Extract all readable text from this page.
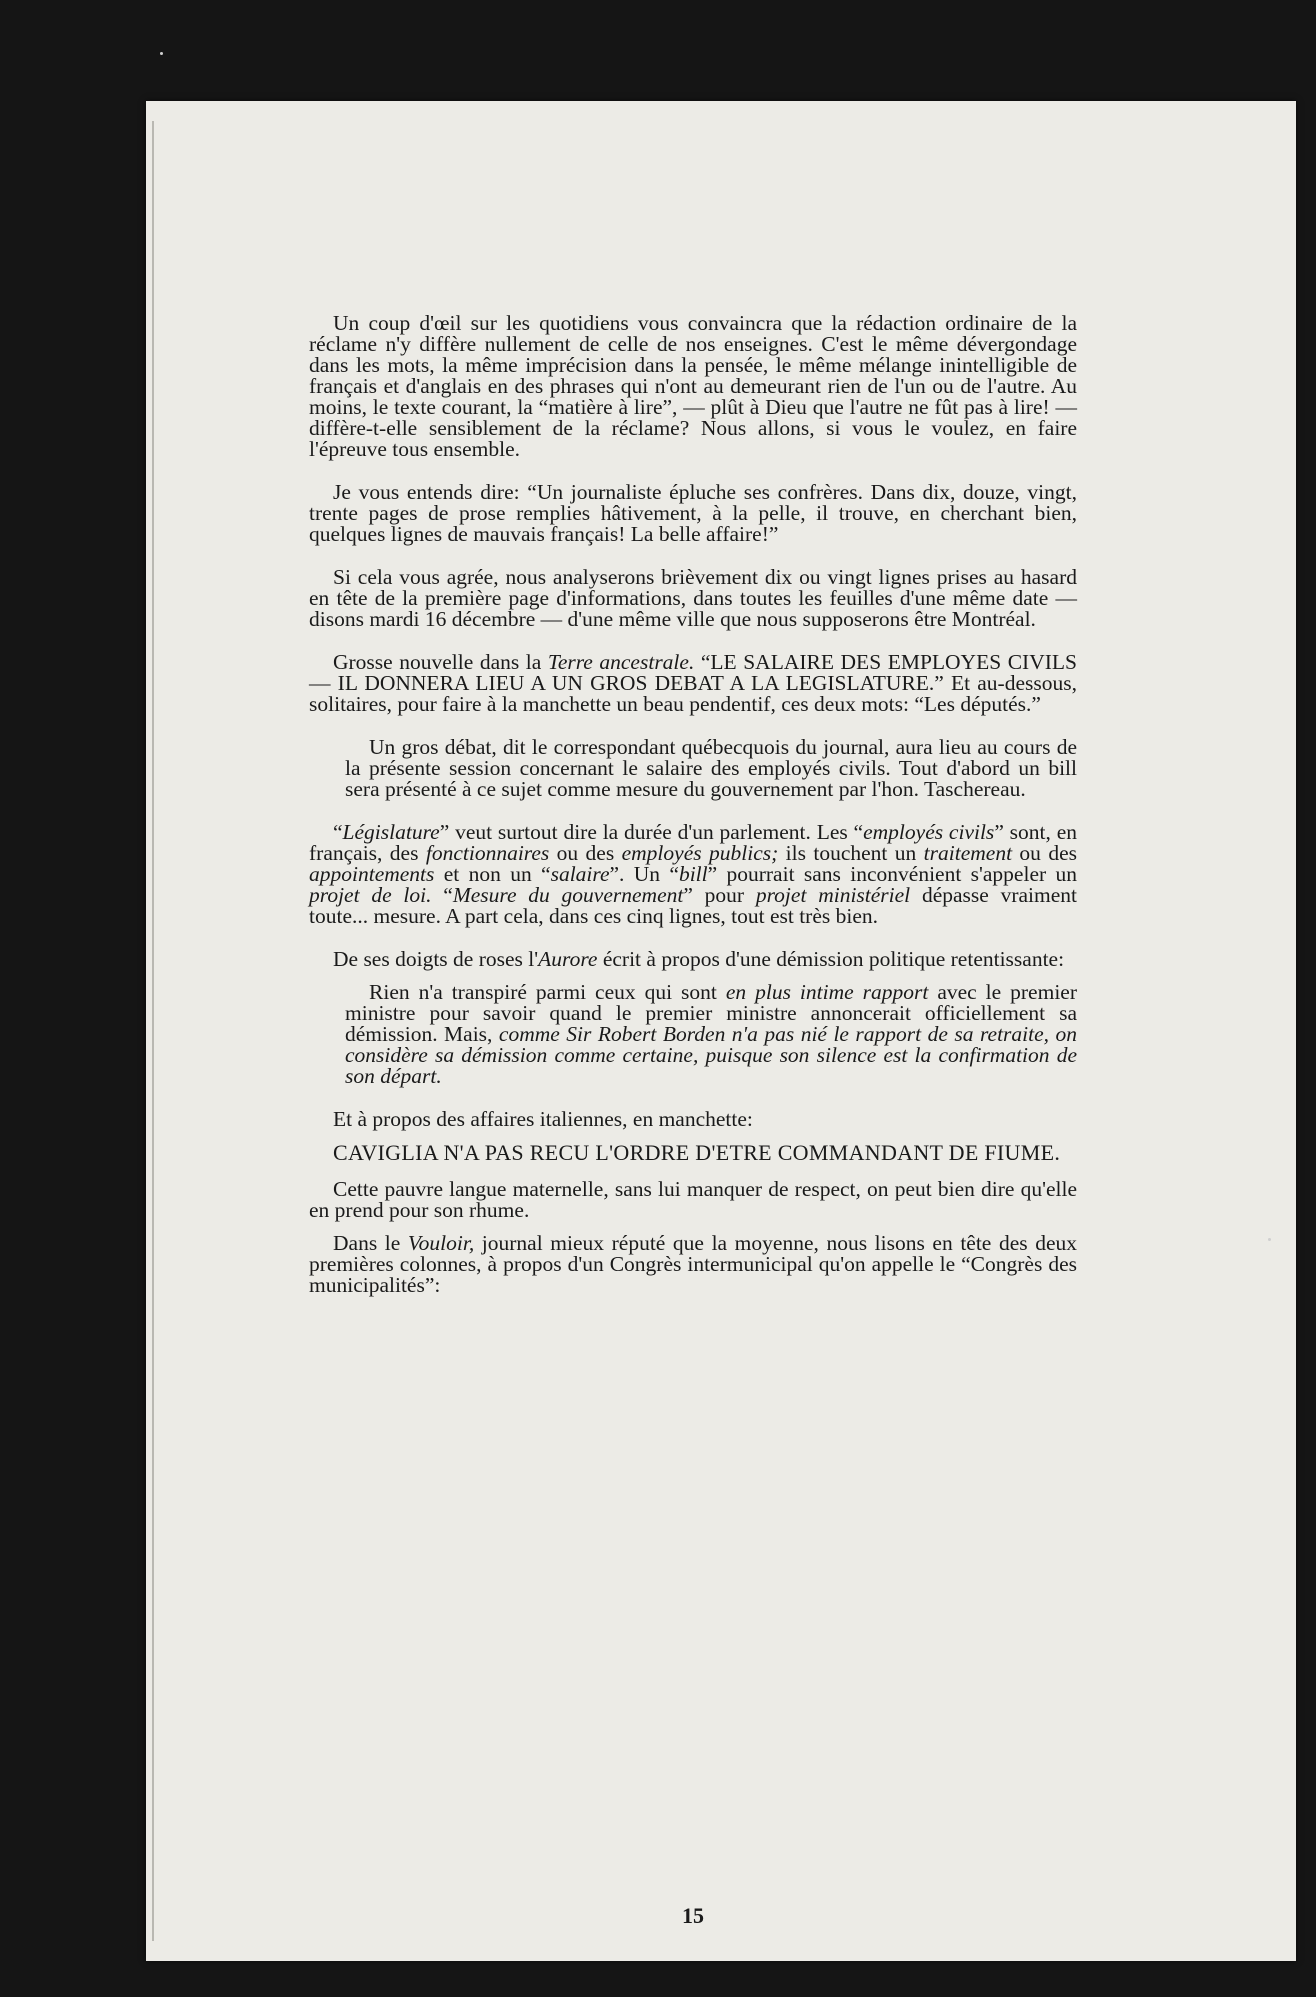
Un coup d'œil sur les quotidiens vous convaincra que la rédaction ordinaire de la réclame n'y diffère nullement de celle de nos enseignes. C'est le même dévergondage dans les mots, la même imprécision dans la pensée, le même mélange inintelligible de français et d'anglais en des phrases qui n'ont au demeurant rien de l'un ou de l'autre. Au moins, le texte courant, la “matière à lire”, — plût à Dieu que l'autre ne fût pas à lire! — diffère-t-elle sensiblement de la réclame? Nous allons, si vous le voulez, en faire l'épreuve tous ensemble.

Je vous entends dire: “Un journaliste épluche ses confrères. Dans dix, douze, vingt, trente pages de prose remplies hâtivement, à la pelle, il trouve, en cherchant bien, quelques lignes de mauvais français! La belle affaire!”

Si cela vous agrée, nous analyserons brièvement dix ou vingt lignes prises au hasard en tête de la première page d'informations, dans toutes les feuilles d'une même date — disons mardi 16 décembre — d'une même ville que nous supposerons être Montréal.

Grosse nouvelle dans la Terre ancestrale. “LE SALAIRE DES EMPLOYES CIVILS — IL DONNERA LIEU A UN GROS DEBAT A LA LEGISLATURE.” Et au-dessous, solitaires, pour faire à la manchette un beau pendentif, ces deux mots: “Les députés.”

Un gros débat, dit le correspondant québecquois du journal, aura lieu au cours de la présente session concernant le salaire des employés civils. Tout d'abord un bill sera présenté à ce sujet comme mesure du gouvernement par l'hon. Taschereau.

“Législature” veut surtout dire la durée d'un parlement. Les “employés civils” sont, en français, des fonctionnaires ou des employés publics; ils touchent un traitement ou des appointements et non un “salaire”. Un “bill” pourrait sans inconvénient s'appeler un projet de loi. “Mesure du gouvernement” pour projet ministériel dépasse vraiment toute... mesure. A part cela, dans ces cinq lignes, tout est très bien.

De ses doigts de roses l'Aurore écrit à propos d'une démission politique retentissante:

Rien n'a transpiré parmi ceux qui sont en plus intime rapport avec le premier ministre pour savoir quand le premier ministre annoncerait officiellement sa démission. Mais, comme Sir Robert Borden n'a pas nié le rapport de sa retraite, on considère sa démission comme certaine, puisque son silence est la confirmation de son départ.

Et à propos des affaires italiennes, en manchette:

CAVIGLIA N'A PAS RECU L'ORDRE D'ETRE COMMANDANT DE FIUME.

Cette pauvre langue maternelle, sans lui manquer de respect, on peut bien dire qu'elle en prend pour son rhume.

Dans le Vouloir, journal mieux réputé que la moyenne, nous lisons en tête des deux premières colonnes, à propos d'un Congrès intermunicipal qu'on appelle le “Congrès des municipalités”:

15
